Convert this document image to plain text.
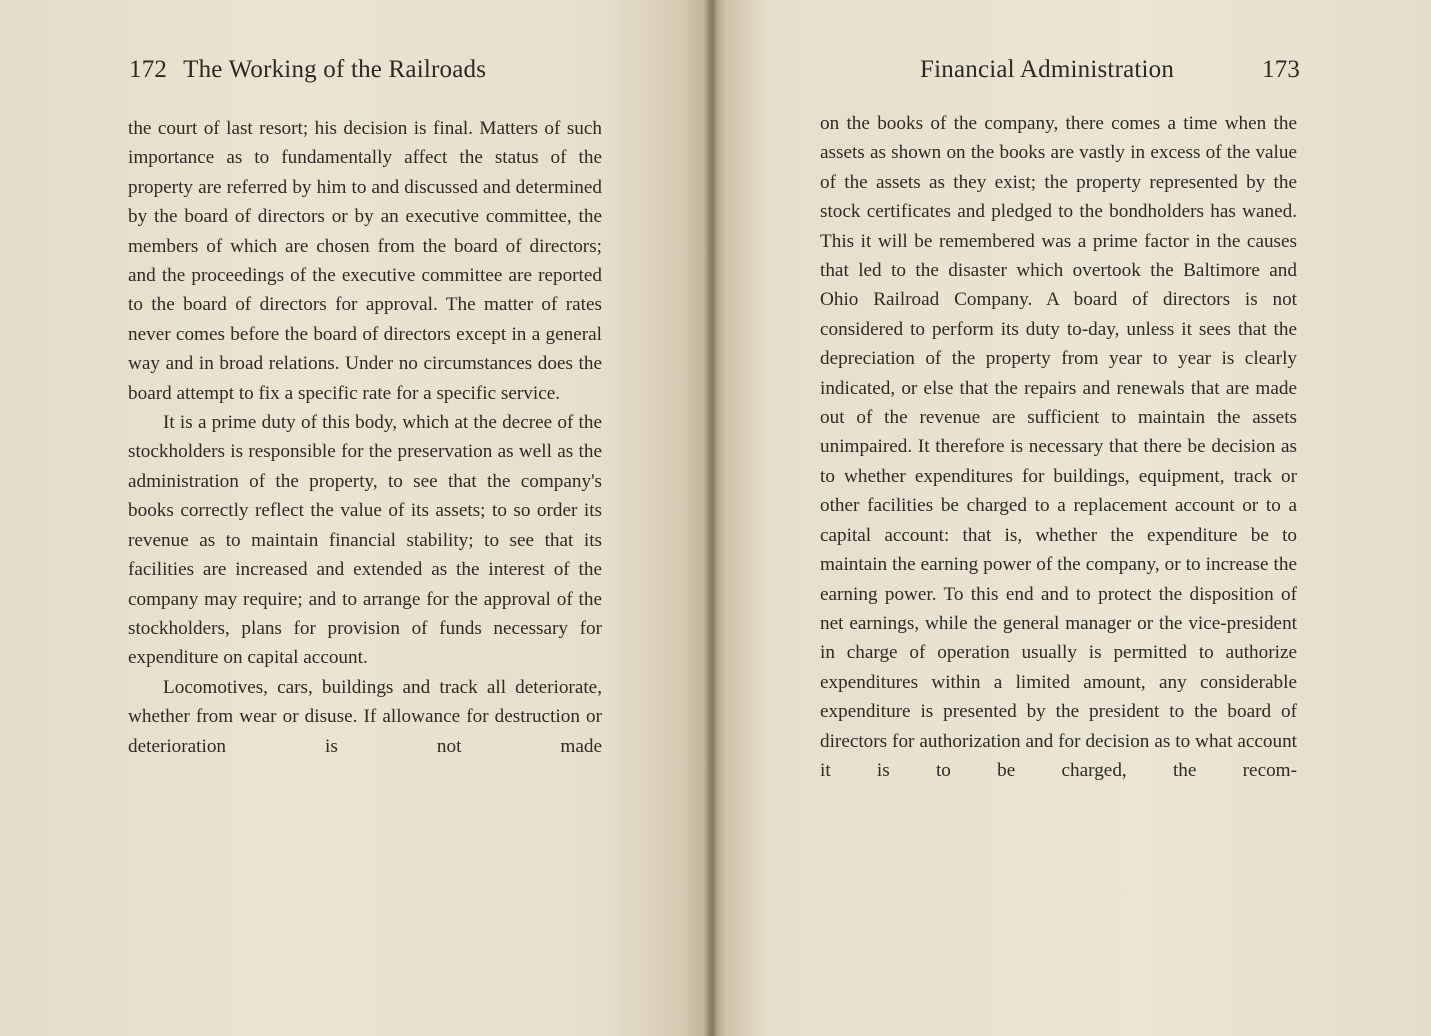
172 The Working of the Railroads

the court of last resort; his decision is final. Matters of such importance as to fundamentally affect the status of the property are referred by him to and discussed and determined by the board of directors or by an executive committee, the members of which are chosen from the board of directors; and the proceedings of the executive committee are reported to the board of directors for approval. The matter of rates never comes before the board of directors except in a general way and in broad relations. Under no circumstances does the board attempt to fix a specific rate for a specific service.

It is a prime duty of this body, which at the decree of the stockholders is responsible for the preservation as well as the administration of the property, to see that the company's books correctly reflect the value of its assets; to so order its revenue as to maintain financial stability; to see that its facilities are increased and extended as the interest of the company may require; and to arrange for the approval of the stockholders, plans for provision of funds necessary for expenditure on capital account.

Locomotives, cars, buildings and track all deteriorate, whether from wear or disuse. If allowance for destruction or deterioration is not made

Financial Administration	173

on the books of the company, there comes a time when the assets as shown on the books are vastly in excess of the value of the assets as they exist; the property represented by the stock certificates and pledged to the bondholders has waned. This it will be remembered was a prime factor in the causes that led to the disaster which overtook the Baltimore and Ohio Railroad Company. A board of directors is not considered to perform its duty to-day, unless it sees that the depreciation of the property from year to year is clearly indicated, or else that the repairs and renewals that are made out of the revenue are sufficient to maintain the assets unimpaired. It therefore is necessary that there be decision as to whether expenditures for buildings, equipment, track or other facilities be charged to a replacement account or to a capital account: that is, whether the expenditure be to maintain the earning power of the company, or to increase the earning power. To this end and to protect the disposition of net earnings, while the general manager or the vice-president in charge of operation usually is permitted to authorize expenditures within a limited amount, any considerable expenditure is presented by the president to the board of directors for authorization and for decision as to what account it is to be charged, the recom-
